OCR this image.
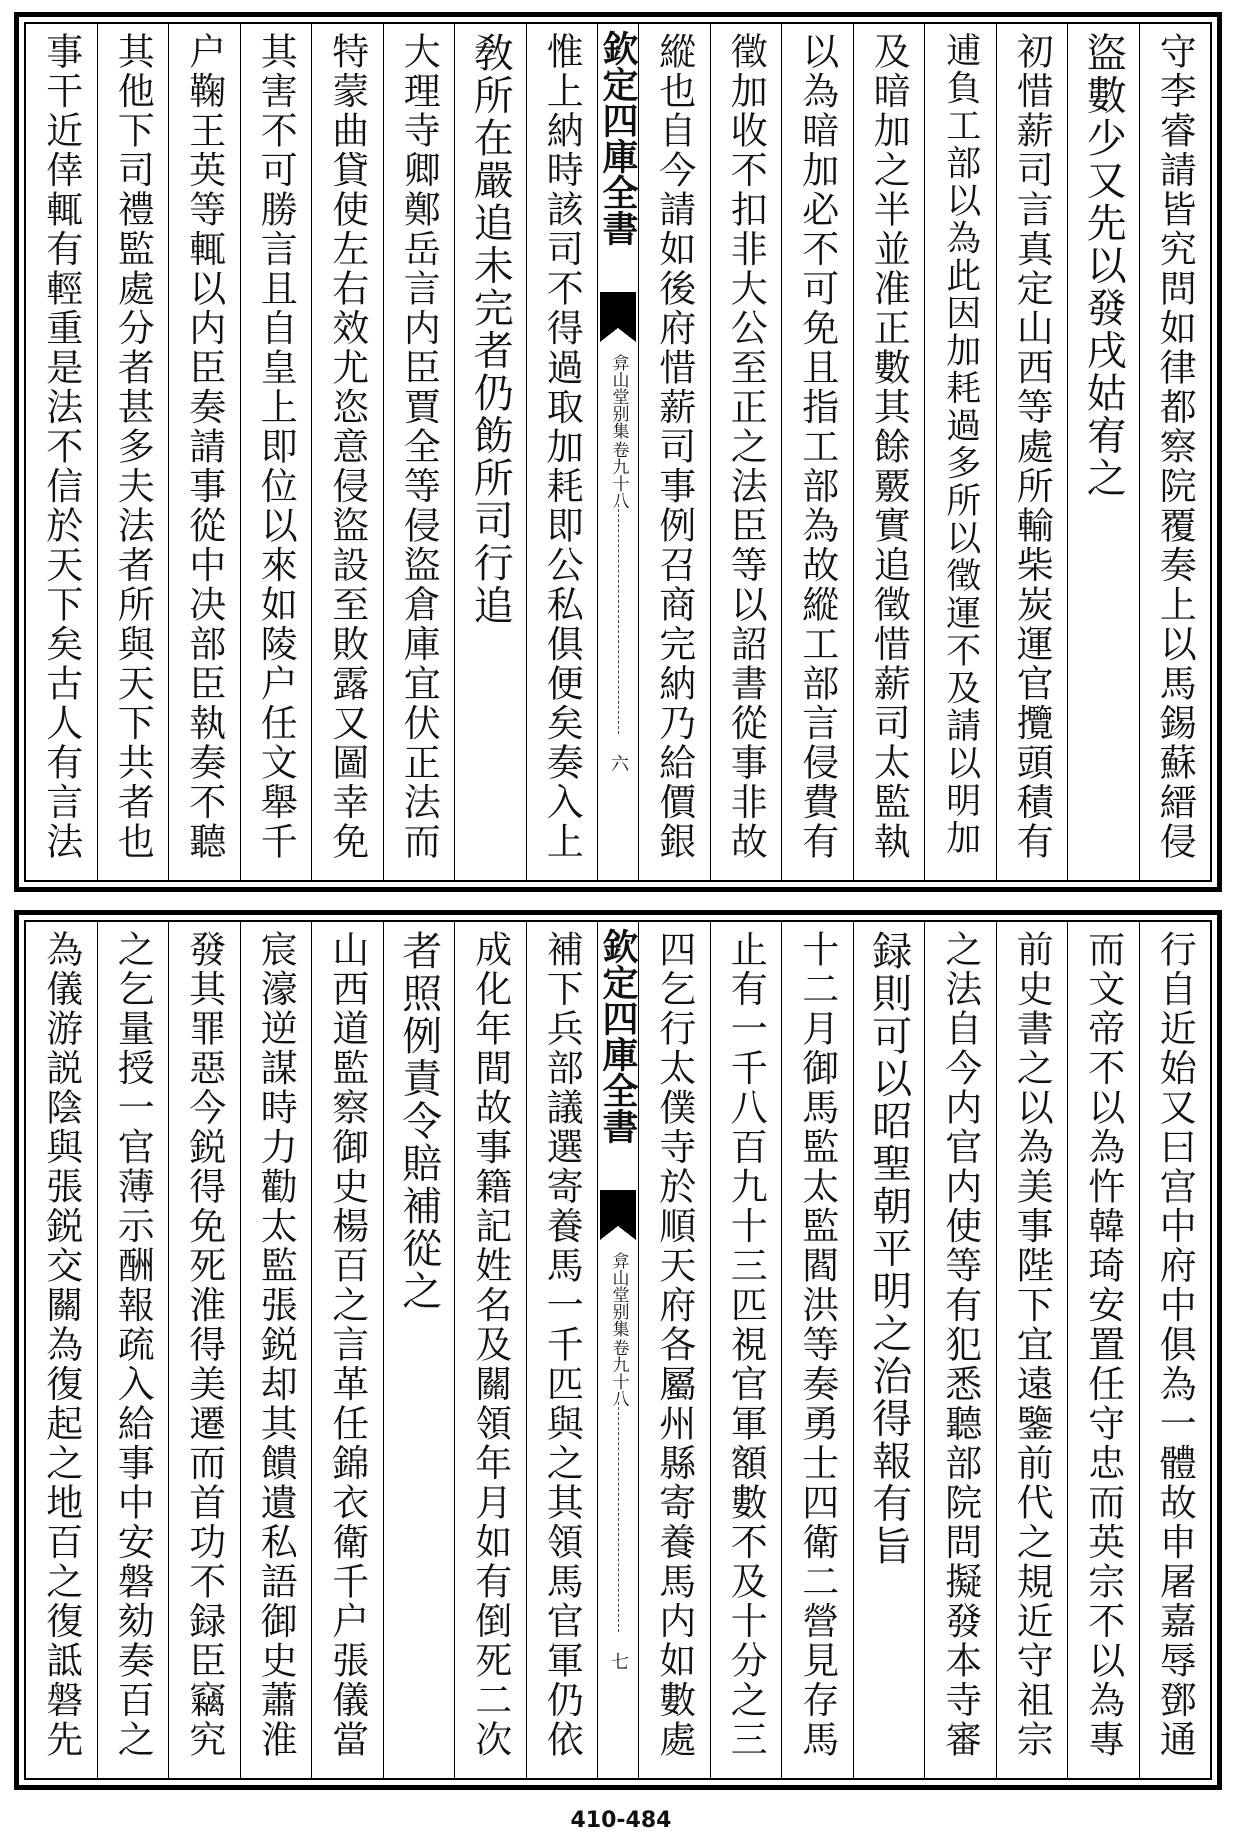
守李睿請皆究問如律都察院覆奏上以馬錫蘇縉侵
盜數少又先以發戌姑宥之
初惜薪司言真定山西等處所輸柴炭運官攬頭積有
逋負工部以為此因加耗過多所以徵運不及請以明加
及暗加之半並准正數其餘覈實追徵惜薪司太監執
以為暗加必不可免且指工部為故縱工部言侵費有
徵加收不扣非大公至正之法臣等以詔書從事非故
縱也自今請如後府惜薪司事例召商完納乃給價銀
欽定四庫全書
弇山堂别集
卷九十八
六
惟上納時該司不得過取加耗即公私俱便矣奏入上
敎所在嚴追未完者仍飭所司行追
大理寺卿鄭岳言内臣賈全等侵盜倉庫宜伏正法而
特蒙曲貸使左右效尤恣意侵盜設至敗露又圖幸免
其害不可勝言且自皇上即位以來如陵户任文舉千
户鞠王英等輒以内臣奏請事從中决部臣執奏不聽
其他下司禮監處分者甚多夫法者所與天下共者也
事干近倖輒有輕重是法不信於天下矣古人有言法
行自近始又曰宫中府中俱為一體故申屠嘉辱鄧通
而文帝不以為忤韓琦安置任守忠而英宗不以為專
前史書之以為美事陛下宜遠鑒前代之規近守祖宗
之法自今内官内使等有犯悉聽部院問擬發本寺審
録則可以昭聖朝平明之治得報有旨
十二月御馬監太監閻洪等奏勇士四衛二營見存馬
止有一千八百九十三匹視官軍額數不及十分之三
四乞行太僕寺於順天府各屬州縣寄養馬内如數處
欽定四庫全書
弇山堂别集
卷九十八
七
補下兵部議選寄養馬一千匹與之其領馬官軍仍依
成化年間故事籍記姓名及關領年月如有倒死二次
者照例責令賠補從之
山西道監察御史楊百之言革任錦衣衛千户張儀當
宸濠逆謀時力勸太監張鋭却其饋遺私語御史蕭淮
發其罪惡今鋭得免死淮得美遷而首功不録臣竊究
之乞量授一官薄示酬報疏入給事中安磐劾奏百之
為儀游説陰與張鋭交關為復起之地百之復詆磐先
410-484
